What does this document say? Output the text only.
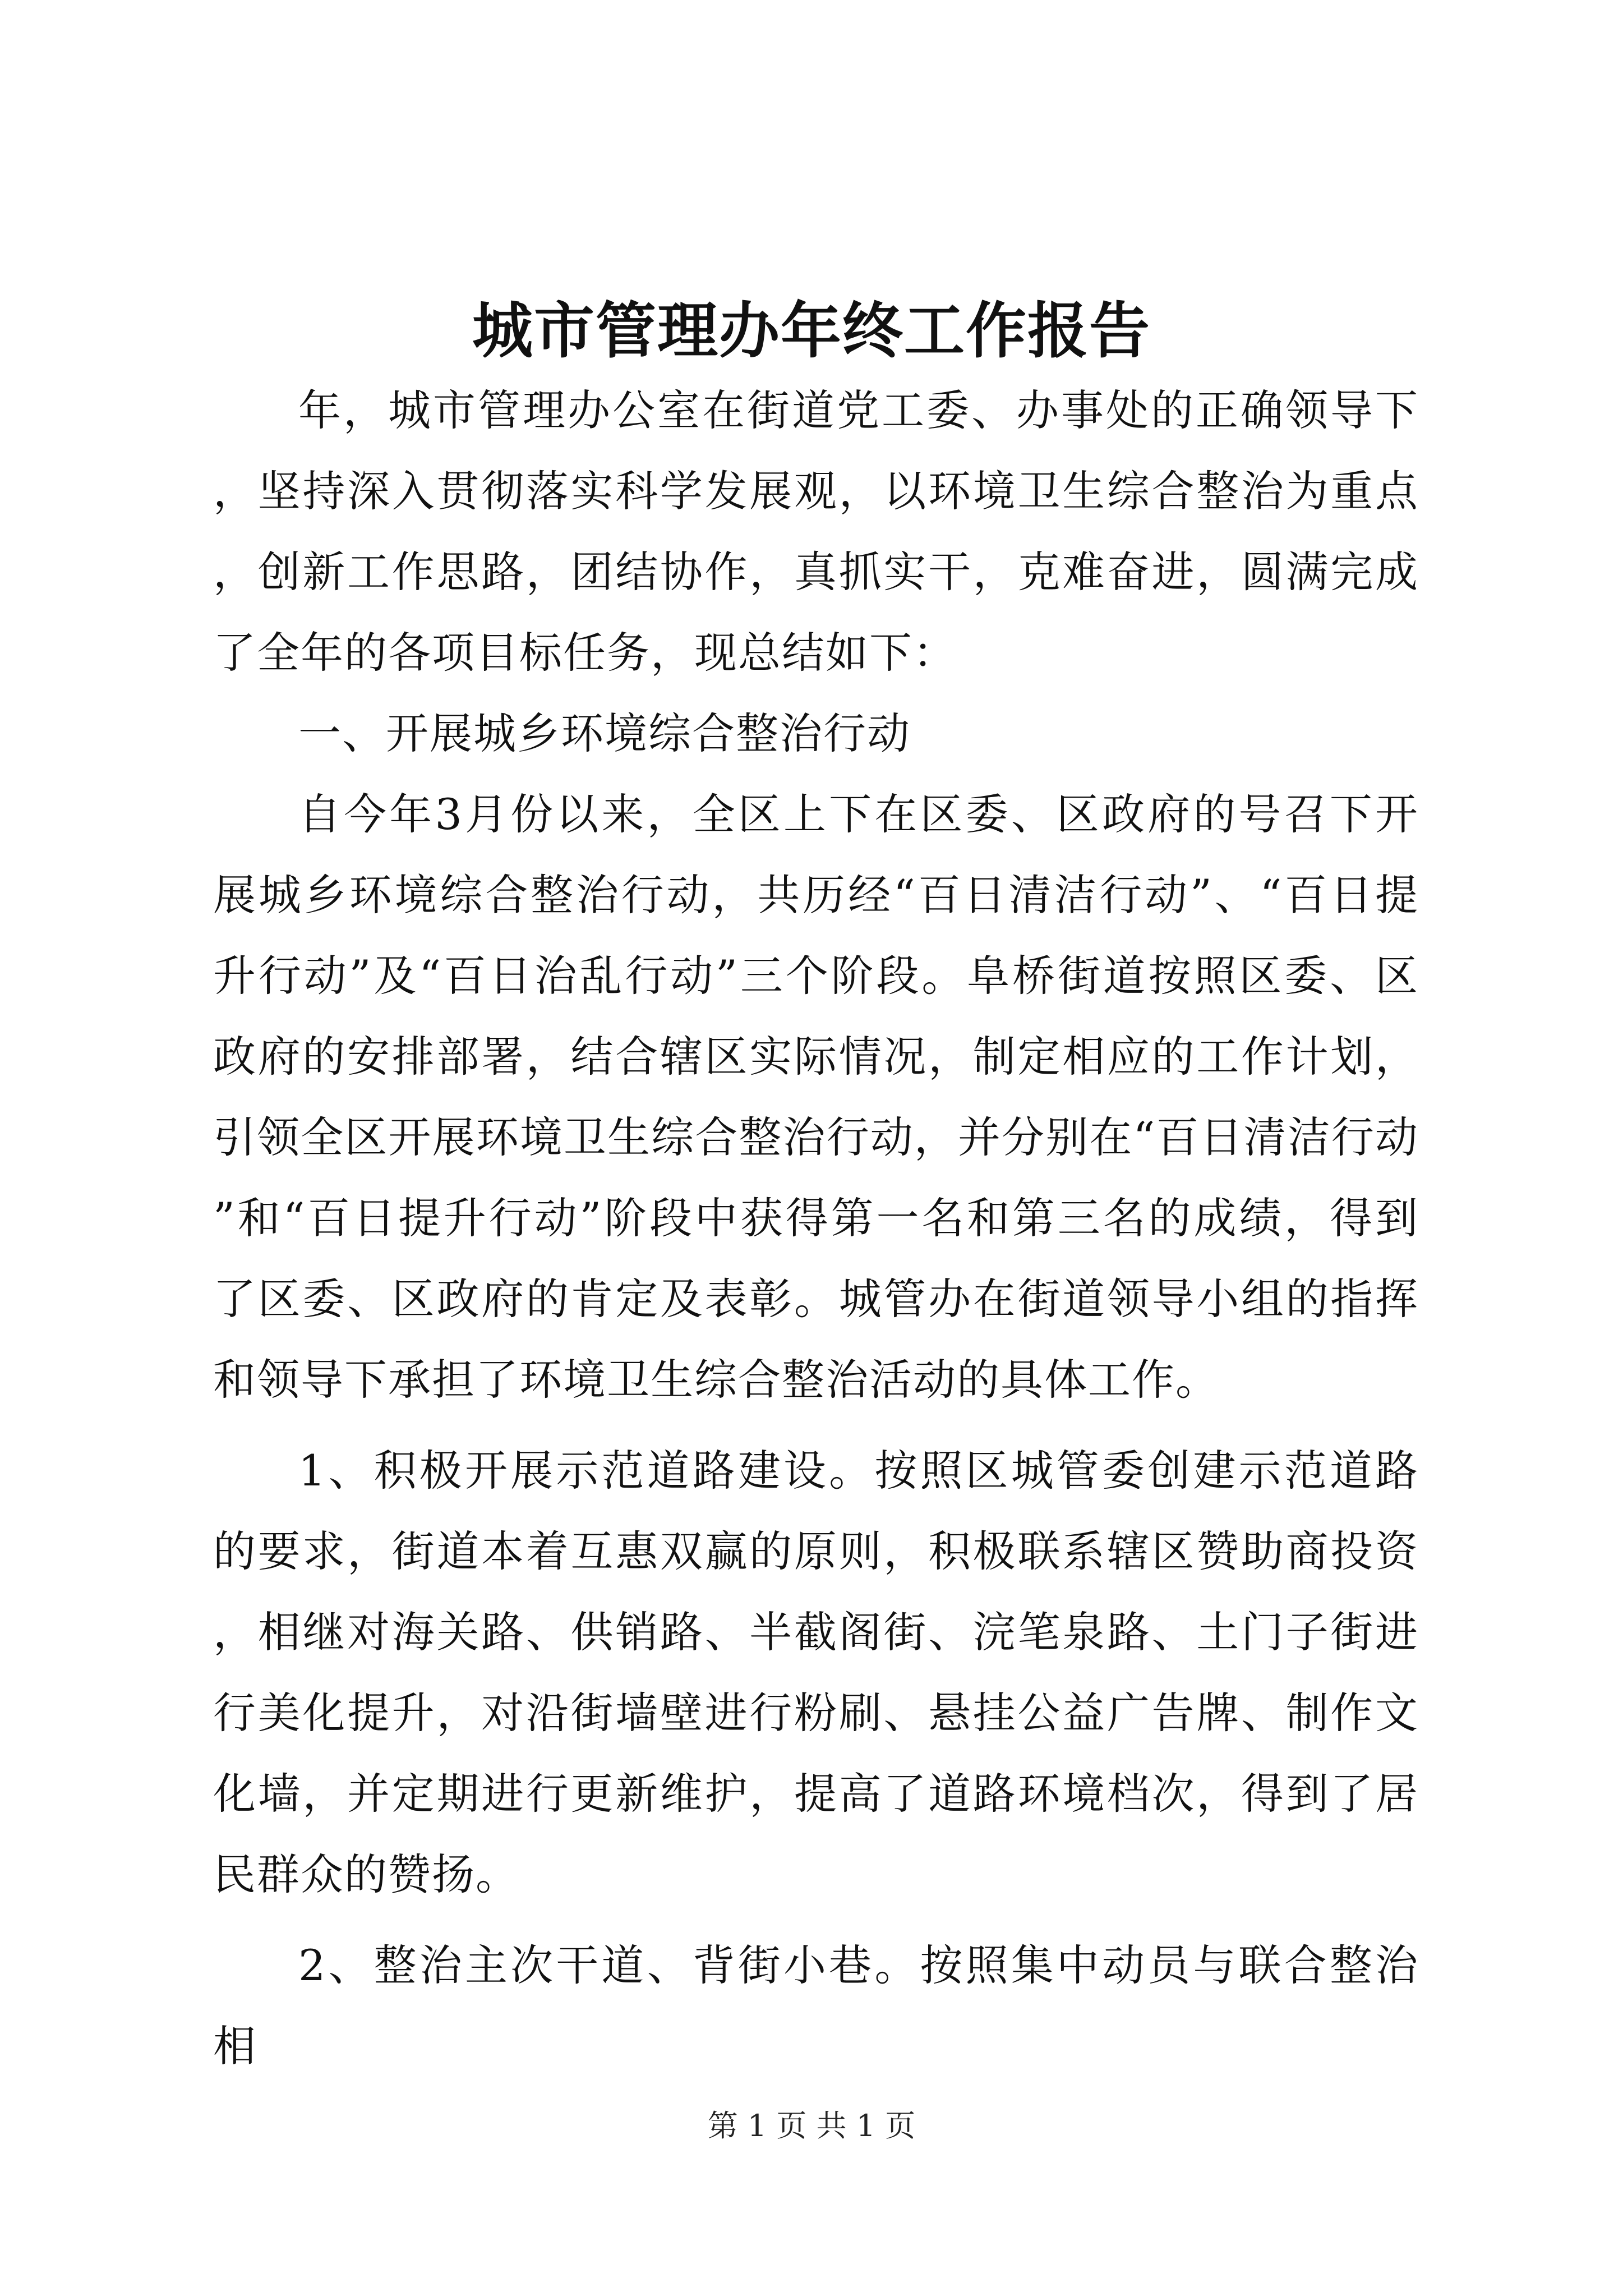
城市管理办年终工作报告

年，城市管理办公室在街道党工委、办事处的正确领导下，坚持深入贯彻落实科学发展观，以环境卫生综合整治为重点，创新工作思路，团结协作，真抓实干，克难奋进，圆满完成了全年的各项目标任务，现总结如下：

一、开展城乡环境综合整治行动

自今年3月份以来，全区上下在区委、区政府的号召下开展城乡环境综合整治行动，共历经“百日清洁行动”、“百日提升行动”及“百日治乱行动”三个阶段。阜桥街道按照区委、区政府的安排部署，结合辖区实际情况，制定相应的工作计划，引领全区开展环境卫生综合整治行动，并分别在“百日清洁行动”和“百日提升行动”阶段中获得第一名和第三名的成绩，得到了区委、区政府的肯定及表彰。城管办在街道领导小组的指挥和领导下承担了环境卫生综合整治活动的具体工作。

1、积极开展示范道路建设。按照区城管委创建示范道路的要求，街道本着互惠双赢的原则，积极联系辖区赞助商投资，相继对海关路、供销路、半截阁街、浣笔泉路、土门子街进行美化提升，对沿街墙壁进行粉刷、悬挂公益广告牌、制作文化墙，并定期进行更新维护，提高了道路环境档次，得到了居民群众的赞扬。

2、整治主次干道、背街小巷。按照集中动员与联合整治相

第 1 页 共 1 页
